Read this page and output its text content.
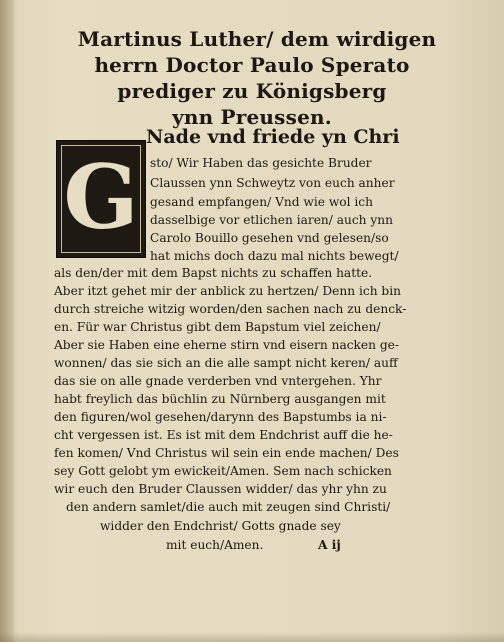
Martinus Luther/ dem wirdigen
herrn Doctor Paulo Sperato
prediger zu Königsberg
ynn Preussen.
G
Nade vnd friede yn Chri
sto/ Wir Haben das gesichte Bruder
Claussen ynn Schweytz von euch anher
gesand empfangen/ Vnd wie wol ich
dasselbige vor etlichen iaren/ auch ynn
Carolo Bouillo gesehen vnd gelesen/so
hat michs doch dazu mal nichts bewegt/
als den/der mit dem Bapst nichts zu schaffen hatte.
Aber itzt gehet mir der anblick zu hertzen/ Denn ich bin
durch streiche witzig worden/den sachen nach zu denck-
en. Für war Christus gibt dem Bapstum viel zeichen/
Aber sie Haben eine eherne stirn vnd eisern nacken ge-
wonnen/ das sie sich an die alle sampt nicht keren/ auff
das sie on alle gnade verderben vnd vntergehen. Yhr
habt freylich das büchlin zu Nürnberg ausgangen mit
den figuren/wol gesehen/darynn des Bapstumbs ia ni-
cht vergessen ist. Es ist mit dem Endchrist auff die he-
fen komen/ Vnd Christus wil sein ein ende machen/ Des
sey Gott gelobt ym ewickeit/Amen. Sem nach schicken
wir euch den Bruder Claussen widder/ das yhr yhn zu
den andern samlet/die auch mit zeugen sind Christi/
widder den Endchrist/ Gotts gnade sey
mit euch/Amen.	A ij
